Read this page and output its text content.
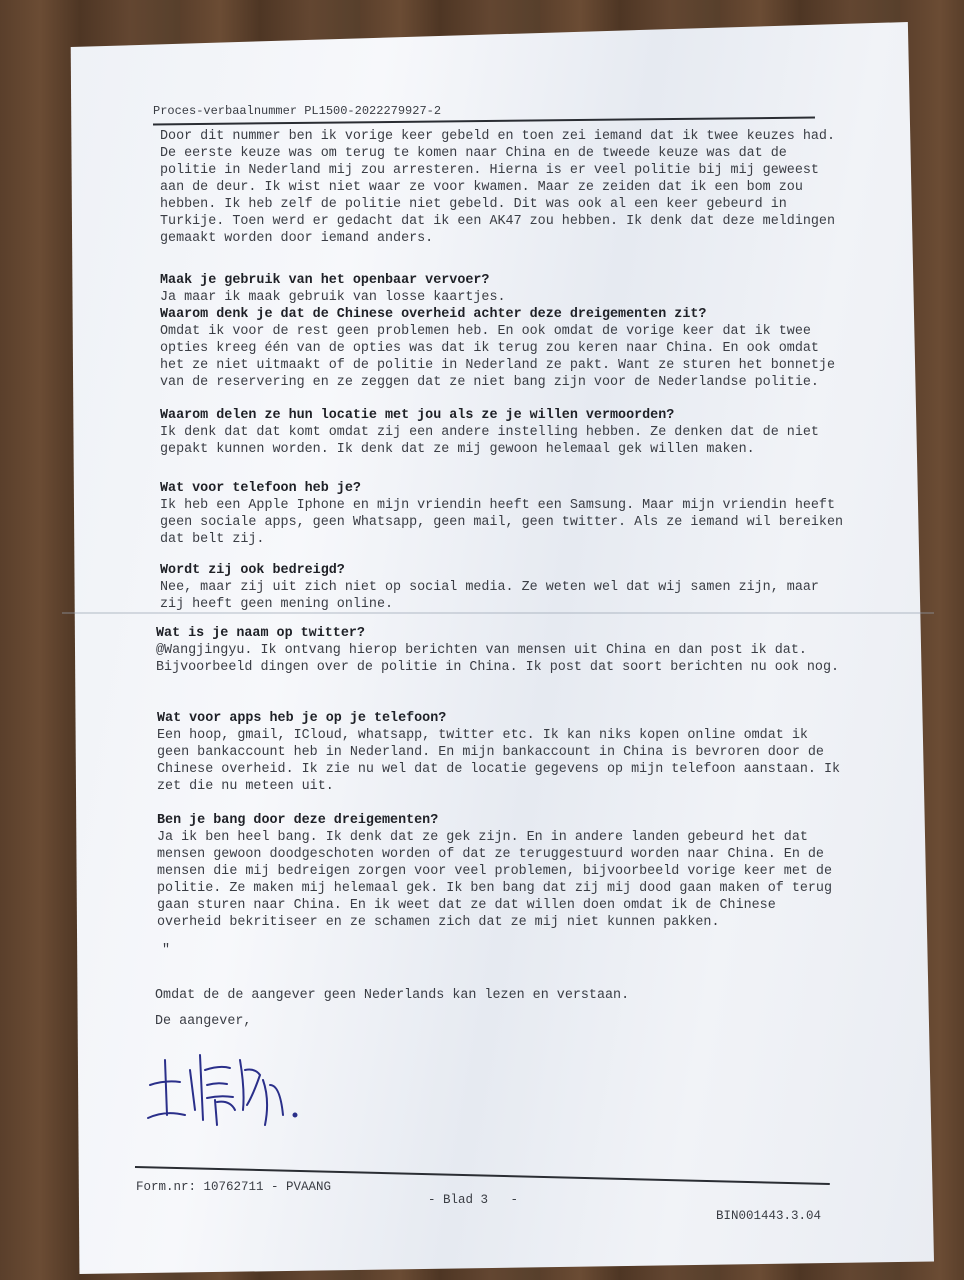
Proces-verbaalnummer PL1500-2022279927-2
Door dit nummer ben ik vorige keer gebeld en toen zei iemand dat ik twee keuzes had.
De eerste keuze was om terug te komen naar China en de tweede keuze was dat de
politie in Nederland mij zou arresteren. Hierna is er veel politie bij mij geweest
aan de deur. Ik wist niet waar ze voor kwamen. Maar ze zeiden dat ik een bom zou
hebben. Ik heb zelf de politie niet gebeld. Dit was ook al een keer gebeurd in
Turkije. Toen werd er gedacht dat ik een AK47 zou hebben. Ik denk dat deze meldingen
gemaakt worden door iemand anders.
Maak je gebruik van het openbaar vervoer?
Ja maar ik maak gebruik van losse kaartjes.
Waarom denk je dat de Chinese overheid achter deze dreigementen zit?
Omdat ik voor de rest geen problemen heb. En ook omdat de vorige keer dat ik twee
opties kreeg één van de opties was dat ik terug zou keren naar China. En ook omdat
het ze niet uitmaakt of de politie in Nederland ze pakt. Want ze sturen het bonnetje
van de reservering en ze zeggen dat ze niet bang zijn voor de Nederlandse politie.
Waarom delen ze hun locatie met jou als ze je willen vermoorden?
Ik denk dat dat komt omdat zij een andere instelling hebben. Ze denken dat de niet
gepakt kunnen worden. Ik denk dat ze mij gewoon helemaal gek willen maken.
Wat voor telefoon heb je?
Ik heb een Apple Iphone en mijn vriendin heeft een Samsung. Maar mijn vriendin heeft
geen sociale apps, geen Whatsapp, geen mail, geen twitter. Als ze iemand wil bereiken
dat belt zij.
Wordt zij ook bedreigd?
Nee, maar zij uit zich niet op social media. Ze weten wel dat wij samen zijn, maar
zij heeft geen mening online.
Wat is je naam op twitter?
@Wangjingyu. Ik ontvang hierop berichten van mensen uit China en dan post ik dat.
Bijvoorbeeld dingen over de politie in China. Ik post dat soort berichten nu ook nog.
Wat voor apps heb je op je telefoon?
Een hoop, gmail, ICloud, whatsapp, twitter etc. Ik kan niks kopen online omdat ik
geen bankaccount heb in Nederland. En mijn bankaccount in China is bevroren door de
Chinese overheid. Ik zie nu wel dat de locatie gegevens op mijn telefoon aanstaan. Ik
zet die nu meteen uit.
Ben je bang door deze dreigementen?
Ja ik ben heel bang. Ik denk dat ze gek zijn. En in andere landen gebeurd het dat
mensen gewoon doodgeschoten worden of dat ze teruggestuurd worden naar China. En de
mensen die mij bedreigen zorgen voor veel problemen, bijvoorbeeld vorige keer met de
politie. Ze maken mij helemaal gek. Ik ben bang dat zij mij dood gaan maken of terug
gaan sturen naar China. En ik weet dat ze dat willen doen omdat ik de Chinese
overheid bekritiseer en ze schamen zich dat ze mij niet kunnen pakken.
"
Omdat de de aangever geen Nederlands kan lezen en verstaan.
De aangever,
Form.nr: 10762711 - PVAANG
- Blad 3   -
BIN001443.3.04
